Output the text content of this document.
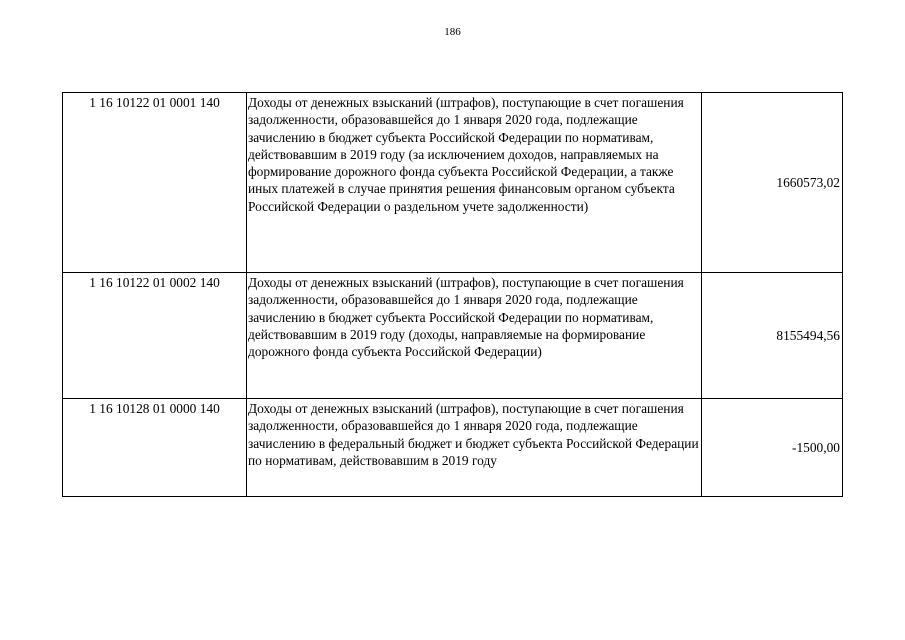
186
1 16 10122 01 0001 140	Доходы от денежных взысканий (штрафов), поступающие в счет погашения задолженности, образовавшейся до 1 января 2020 года, подлежащие зачислению в бюджет субъекта Российской Федерации по нормативам, действовавшим в 2019 году (за исключением доходов, направляемых на формирование дорожного фонда субъекта Российской Федерации, а также иных платежей в случае принятия решения финансовым органом субъекта Российской Федерации о раздельном учете задолженности)	1660573,02
1 16 10122 01 0002 140	Доходы от денежных взысканий (штрафов), поступающие в счет погашения задолженности, образовавшейся до 1 января 2020 года, подлежащие зачислению в бюджет субъекта Российской Федерации по нормативам, действовавшим в 2019 году (доходы, направляемые на формирование дорожного фонда субъекта Российской Федерации)	8155494,56
1 16 10128 01 0000 140	Доходы от денежных взысканий (штрафов), поступающие в счет погашения задолженности, образовавшейся до 1 января 2020 года, подлежащие зачислению в федеральный бюджет и бюджет субъекта Российской Федерации по нормативам, действовавшим в 2019 году	-1500,00
